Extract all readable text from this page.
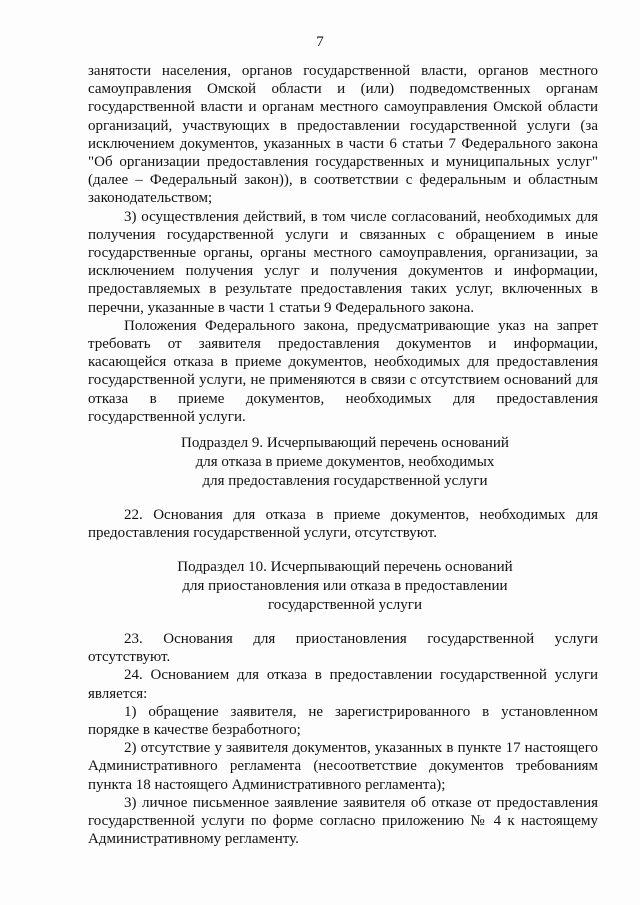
7

занятости населения, органов государственной власти, органов местного самоуправления Омской области и (или) подведомственных органам государственной власти и органам местного самоуправления Омской области организаций, участвующих в предоставлении государственной услуги (за исключением документов, указанных в части 6 статьи 7 Федерального закона "Об организации предоставления государственных и муниципальных услуг" (далее – Федеральный закон)), в соответствии с федеральным и областным законодательством;

3) осуществления действий, в том числе согласований, необходимых для получения государственной услуги и связанных с обращением в иные государственные органы, органы местного самоуправления, организации, за исключением получения услуг и получения документов и информации, предоставляемых в результате предоставления таких услуг, включенных в перечни, указанные в части 1 статьи 9 Федерального закона.

Положения Федерального закона, предусматривающие указ на запрет требовать от заявителя предоставления документов и информации, касающейся отказа в приеме документов, необходимых для предоставления государственной услуги, не применяются в связи с отсутствием оснований для отказа в приеме документов, необходимых для предоставления государственной услуги.

Подраздел 9. Исчерпывающий перечень оснований
для отказа в приеме документов, необходимых
для предоставления государственной услуги

22. Основания для отказа в приеме документов, необходимых для предоставления государственной услуги, отсутствуют.

Подраздел 10. Исчерпывающий перечень оснований
для приостановления или отказа в предоставлении
государственной услуги

23. Основания для приостановления государственной услуги отсутствуют.

24. Основанием для отказа в предоставлении государственной услуги является:

1) обращение заявителя, не зарегистрированного в установленном порядке в качестве безработного;

2) отсутствие у заявителя документов, указанных в пункте 17 настоящего Административного регламента (несоответствие документов требованиям пункта 18 настоящего Административного регламента);

3) личное письменное заявление заявителя об отказе от предоставления государственной услуги по форме согласно приложению № 4 к настоящему Административному регламенту.
